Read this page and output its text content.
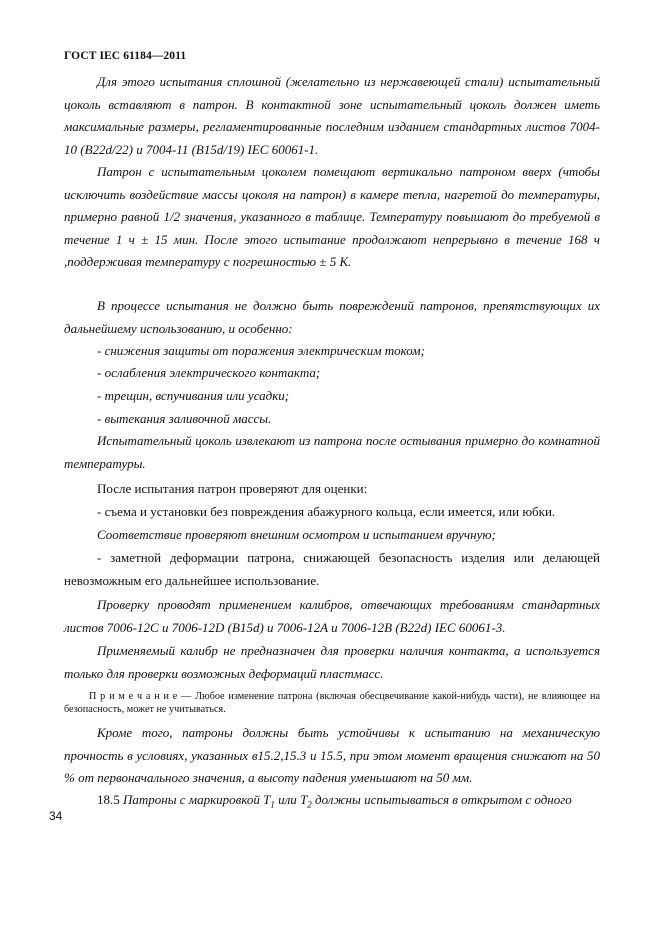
ГОСТ IEC 61184—2011

Для этого испытания сплошной (желательно из нержавеющей стали) испытательный цоколь вставляют в патрон. В контактной зоне испытательный цоколь должен иметь максимальные размеры, регламентированные последним изданием стандартных листов 7004-10 (B22d/22) и 7004-11 (B15d/19) IEC 60061-1.

Патрон с испытательным цоколем помещают вертикально патроном вверх (чтобы исключить воздействие массы цоколя на патрон) в камере тепла, нагретой до температуры, примерно равной 1/2 значения, указанного в таблице. Температуру повышают до требуемой в течение 1 ч ± 15 мин. После этого испытание продолжают непрерывно в течение 168 ч ,поддерживая температуру с погрешностью ± 5 К.

В процессе испытания не должно быть повреждений патронов, препятствующих их дальнейшему использованию, и особенно:

- снижения защиты от поражения электрическим током;

- ослабления электрического контакта;

- трещин, вспучивания или усадки;

- вытекания заливочной массы.

Испытательный цоколь извлекают из патрона после остывания примерно до комнатной температуры.

После испытания патрон проверяют для оценки:

- съема и установки без повреждения абажурного кольца, если имеется, или юбки.

Соответствие проверяют внешним осмотром и испытанием вручную;

- заметной деформации патрона, снижающей безопасность изделия или делающей невозможным его дальнейшее использование.

Проверку проводят применением калибров, отвечающих требованиям стандартных листов 7006-12C и 7006-12D (B15d) и 7006-12A и 7006-12B (B22d) IEC 60061-3.

Применяемый калибр не предназначен для проверки наличия контакта, а используется только для проверки возможных деформаций пластмасс.

П р и м е ч а н и е — Любое изменение патрона (включая обесцвечивание какой-нибудь части), не влияющее на безопасность, может не учитываться.

Кроме того, патроны должны быть устойчивы к испытанию на механическую прочность в условиях, указанных в15.2,15.3 и 15.5, при этом момент вращения снижают на 50 % от первоначального значения, а высоту падения уменьшают на 50 мм.

18.5 Патроны с маркировкой $T_1$ или $T_2$ должны испытываться в открытом с одного

34
